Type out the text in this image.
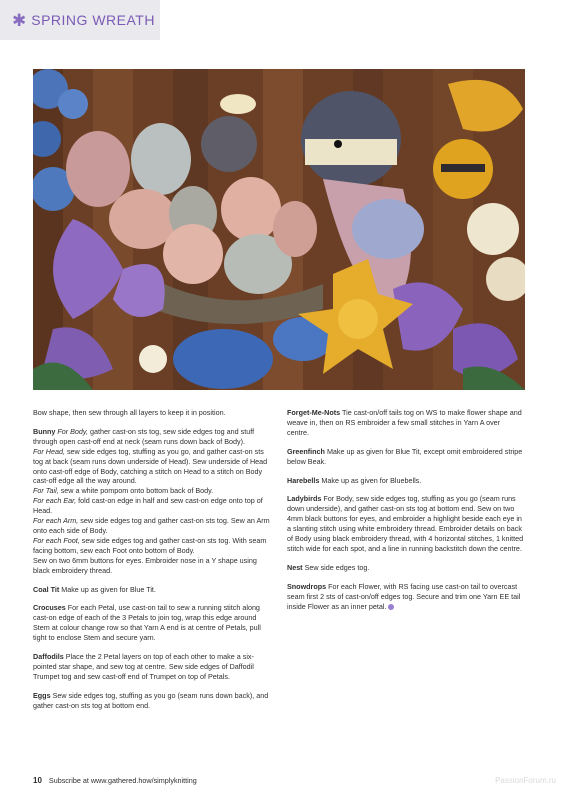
✱ SPRING WREATH
Bow shape, then sew through all layers to keep it in position.
Bunny For Body, gather cast-on sts tog, sew side edges tog and stuff through open cast-off end at neck (seam runs down back of Body).
For Head, sew side edges tog, stuffing as you go, and gather cast-on sts tog at back (seam runs down underside of Head). Sew underside of Head onto cast-off edge of Body, catching a stitch on Head to a stitch on Body cast-off edge all the way around.
For Tail, sew a white pompom onto bottom back of Body.
For each Ear, fold cast-on edge in half and sew cast-on edge onto top of Head.
For each Arm, sew side edges tog and gather cast-on sts tog. Sew an Arm onto each side of Body.
For each Foot, sew side edges tog and gather cast-on sts tog. With seam facing bottom, sew each Foot onto bottom of Body.
Sew on two 6mm buttons for eyes. Embroider nose in a Y shape using black embroidery thread.
Coal Tit Make up as given for Blue Tit.
Crocuses For each Petal, use cast-on tail to sew a running stitch along cast-on edge of each of the 3 Petals to join tog, wrap this edge around Stem at colour change row so that Yarn A end is at centre of Petals, pull tight to enclose Stem and secure yarn.
Daffodils Place the 2 Petal layers on top of each other to make a six-pointed star shape, and sew tog at centre. Sew side edges of Daffodil Trumpet tog and sew cast-off end of Trumpet on top of Petals.
Eggs Sew side edges tog, stuffing as you go (seam runs down back), and gather cast-on sts tog at bottom end.
Forget-Me-Nots Tie cast-on/off tails tog on WS to make flower shape and weave in, then on RS embroider a few small stitches in Yarn A over centre.
Greenfinch Make up as given for Blue Tit, except omit embroidered stripe below Beak.
Harebells Make up as given for Bluebells.
Ladybirds For Body, sew side edges tog, stuffing as you go (seam runs down underside), and gather cast-on sts tog at bottom end. Sew on two 4mm black buttons for eyes, and embroider a highlight beside each eye in a slanting stitch using white embroidery thread. Embroider details on back of Body using black embroidery thread, with 4 horizontal stitches, 1 knitted stitch wide for each spot, and a line in running backstitch down the centre.
Nest Sew side edges tog.
Snowdrops For each Flower, with RS facing use cast-on tail to overcast seam first 2 sts of cast-on/off edges tog. Secure and trim one Yarn EE tail inside Flower as an inner petal.
10 Subscribe at www.gathered.how/simplyknitting	PassionForum.ru
